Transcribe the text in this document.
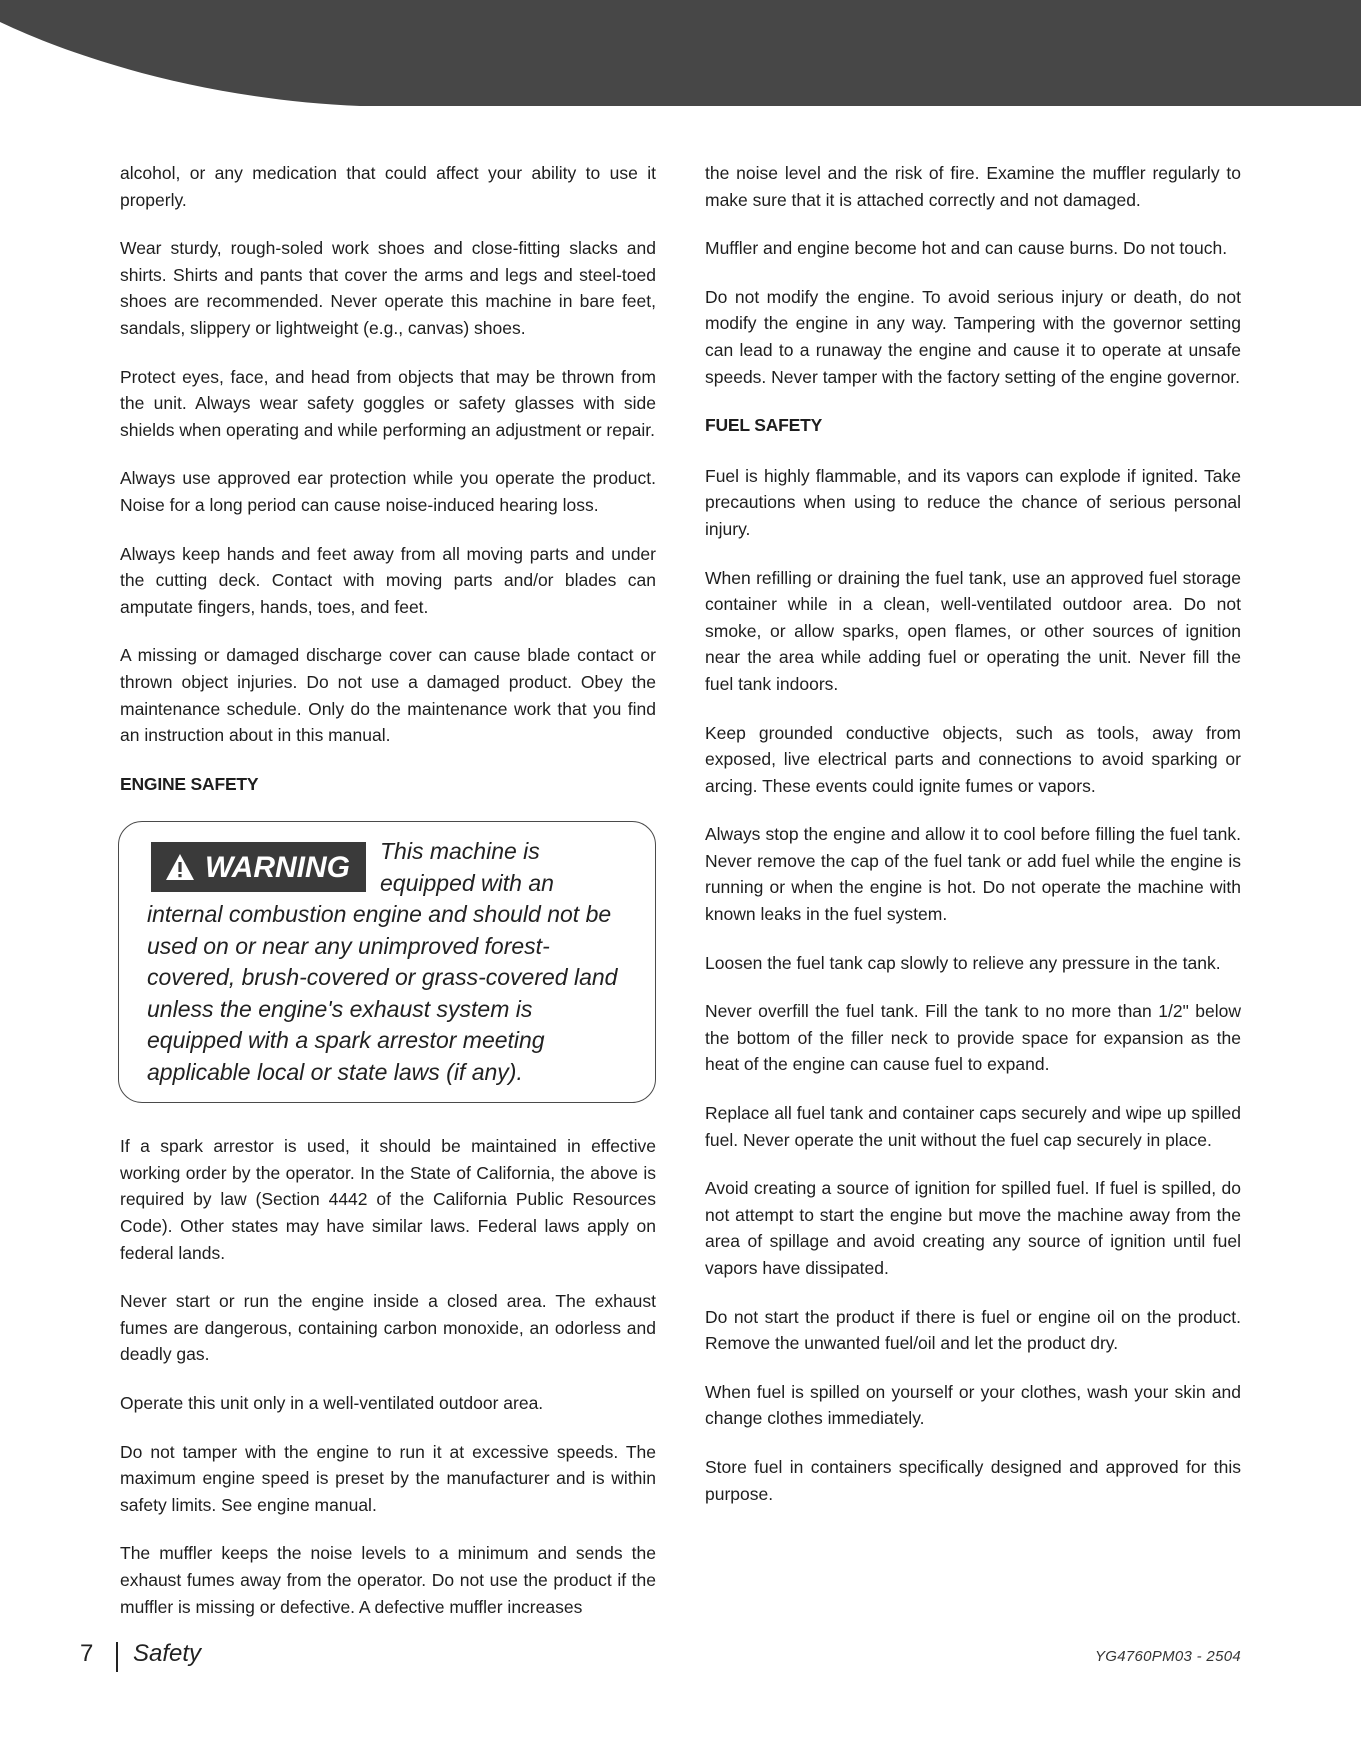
alcohol, or any medication that could affect your ability to use it properly.

Wear sturdy, rough-soled work shoes and close-fitting slacks and shirts. Shirts and pants that cover the arms and legs and steel-toed shoes are recommended. Never operate this machine in bare feet, sandals, slippery or lightweight (e.g., canvas) shoes.

Protect eyes, face, and head from objects that may be thrown from the unit. Always wear safety goggles or safety glasses with side shields when operating and while performing an adjustment or repair.

Always use approved ear protection while you operate the product. Noise for a long period can cause noise-induced hearing loss.

Always keep hands and feet away from all moving parts and under the cutting deck. Contact with moving parts and/or blades can amputate fingers, hands, toes, and feet.

A missing or damaged discharge cover can cause blade contact or thrown object injuries. Do not use a damaged product. Obey the maintenance schedule. Only do the maintenance work that you find an instruction about in this manual.

ENGINE SAFETY
WARNING This machine is equipped with an internal combustion engine and should not be used on or near any unimproved forest-covered, brush-covered or grass-covered land unless the engine's exhaust system is equipped with a spark arrestor meeting applicable local or state laws (if any).

If a spark arrestor is used, it should be maintained in effective working order by the operator. In the State of California, the above is required by law (Section 4442 of the California Public Resources Code). Other states may have similar laws. Federal laws apply on federal lands.

Never start or run the engine inside a closed area. The exhaust fumes are dangerous, containing carbon monoxide, an odorless and deadly gas.

Operate this unit only in a well-ventilated outdoor area.

Do not tamper with the engine to run it at excessive speeds. The maximum engine speed is preset by the manufacturer and is within safety limits. See engine manual.

The muffler keeps the noise levels to a minimum and sends the exhaust fumes away from the operator. Do not use the product if the muffler is missing or defective. A defective muffler increases

the noise level and the risk of fire. Examine the muffler regularly to make sure that it is attached correctly and not damaged.

Muffler and engine become hot and can cause burns. Do not touch.

Do not modify the engine. To avoid serious injury or death, do not modify the engine in any way. Tampering with the governor setting can lead to a runaway the engine and cause it to operate at unsafe speeds. Never tamper with the factory setting of the engine governor.

FUEL SAFETY

Fuel is highly flammable, and its vapors can explode if ignited. Take precautions when using to reduce the chance of serious personal injury.

When refilling or draining the fuel tank, use an approved fuel storage container while in a clean, well-ventilated outdoor area. Do not smoke, or allow sparks, open flames, or other sources of ignition near the area while adding fuel or operating the unit. Never fill the fuel tank indoors.

Keep grounded conductive objects, such as tools, away from exposed, live electrical parts and connections to avoid sparking or arcing. These events could ignite fumes or vapors.

Always stop the engine and allow it to cool before filling the fuel tank. Never remove the cap of the fuel tank or add fuel while the engine is running or when the engine is hot. Do not operate the machine with known leaks in the fuel system.

Loosen the fuel tank cap slowly to relieve any pressure in the tank.

Never overfill the fuel tank. Fill the tank to no more than 1/2" below the bottom of the filler neck to provide space for expansion as the heat of the engine can cause fuel to expand.

Replace all fuel tank and container caps securely and wipe up spilled fuel. Never operate the unit without the fuel cap securely in place.

Avoid creating a source of ignition for spilled fuel. If fuel is spilled, do not attempt to start the engine but move the machine away from the area of spillage and avoid creating any source of ignition until fuel vapors have dissipated.

Do not start the product if there is fuel or engine oil on the product. Remove the unwanted fuel/oil and let the product dry.

When fuel is spilled on yourself or your clothes, wash your skin and change clothes immediately.

Store fuel in containers specifically designed and approved for this purpose.

7 Safety	YG4760PM03 - 2504
